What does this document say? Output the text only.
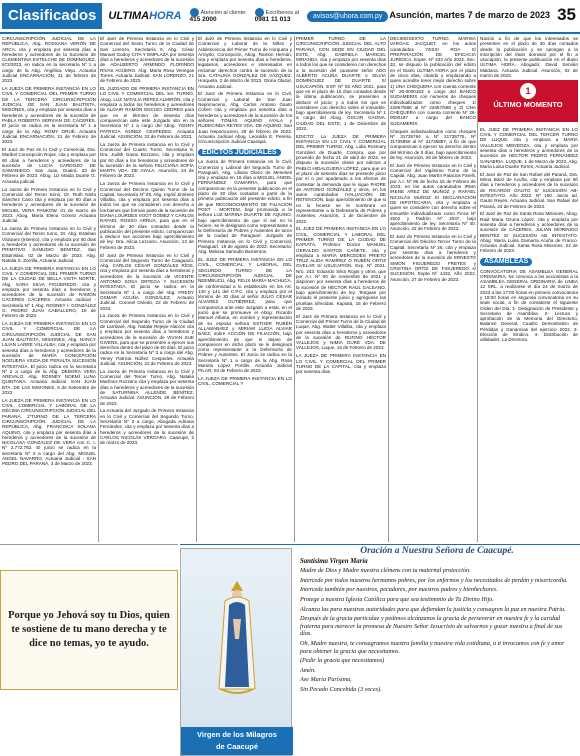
Clasificados	ULTIMAHORA	Atención al cliente:
415 2000
Escríbenos al
0981 11 013
avisos@uhora.com.py Asunción, martes 7 de marzo de 2023 35

CIRCUNSCRIPCIÓN JUDICIAL DE LA REPÚBLICA, Abg. ROSSANA VERÓN DE ARCA, cita y emplaza por sesenta días a herederos y acreedores de la Sucesión de CLEMENTINA ESTELCHE DE DOMÍNGUEZ, 672/2023, en radica en la secretaría Nº 1 a cargo de la Abg. Angélica Vieja. Actuaria Judicial ENCARNACIÓN, 21 de febrero de 2023.

LA JUEZA DE PRIMERA INSTANCIA EN LO CIVIL Y COMERCIAL DEL PRIMER TURNO DE LA TERCERA CIRCUNSCRIPCIÓN JUDICIAL DE SAN JUAN BAUTISTA, MISIONES, cita y emplaza por sesenta días a herederos y acreedores de la sucesión de PABLA ROBERTA SERVIAN DE CÁCERES. El juicio se radica en la secretaría Nº 1 a cargo de la Abg. ROMY ORUÉ. Actuaria Judicial ENCARNACIÓN, 21 de Febrero de 2023.

El Juez de Paz en lo Civil y Comercial, Dra. Maribel Concepción Rojas, cita y emplaza por 60 días a herederos y acreedores de la sucesión de LUCÍA CARDOZO DE SAMANIEGO. San Juan, Guairá. 23 de Febrero de 2023. Abog. Liz Maida Duarte G. Actuaria judicial.

La Jueza de Primera Instancia en lo Civil y Comercial del Tercer turno, Dr. Ruth Ninfa Sánchez Cano cita y emplaza por 60 días a herederos y acreedores de la sucesión de MIGUEL VERA PANKOW. 01 de marzo de 2023. Abog. María Elena Gómez Actuaria Judicial.

La Jueza de Primera Instancia en lo Civil y Comercial del Tercer turno, Dr. Abg. Esteban Vázquez (Interino), cita y emplaza por 60 días a herederos y acreedores de la sucesión de PRIMITIVO SAMUDIO BENITEZ. San Estanislao, 02 de Marzo de 2023. Abg. Natalia S. Zorrilla, Actuaria Judicial.

LA JUEZA DE PRIMERA INSTANCIA EN LO CIVIL Y COMERCIAL DEL PRIMER TURNO DE LA CIUDAD DE BELLA VISTA NORTE, Abg. SARA SILVA FIGUEREDO, cita y emplaza por sesenta días a herederos y acreedores de la sucesión de RAMÓN CÁCERES CÁCERES. Actuaria Judicial - Secretaría Nº 1 Abg. ROSNEY I. GONZÁLEZ G. PEDRO JUAN CABALLERO, 16 de Febrero de 2023.

LA JUEZA DE PRIMERA INSTANCIA EN LO CIVIL Y COMERCIAL DE LA CIRCUNSCRIPCIÓN JUDICIAL DE SAN JUAN BAUTISTA, MISIONES, Abg. NANCY LILIAN LARRE VILLALBA, cita y emplaza por sesenta días a herederos y acreedores de la sucesión de MARÍA CONCEPCIÓN NOGUERA VIUDA DE PERALTA SUCESIÓN INTESTADA. El juicio radica en la secretaría Nº 2 a cargo de la Abg. DEBORA VERA ÁREVALO. Abg. ROSNEY NOEMÍ LUNA QUINTANA. Actuaria Judicial. SAN JUAN BTA. DE LAS MISIONES, 6 de Setiembre de 2022.

LA JUEZA DE PRIMERA INSTANCIA EN LO CIVIL, COMERCIAL Y LABORAL DE LA DÉCIMA CIRCUNSCRIPCIÓN JUDICIAL DEL PARANÁ, 1ºTURNO DE LA TERCERA CIRCUNSCRIPCIÓN JUDICIAL DE LA REPÚBLICA, Abg. FRANCISCA SOLANA AQUINO, cita y emplaza por sesenta días a herederos y acreedores de la sucesión de NICOLASA GONZÁLEZ DE VERA con C. I. Nº 2.772.782. El juicio se radica en la secretaría Nº 2 a cargo del Abg. MIGUEL ÁNGEL NAVARRO. Actuaria Judicial - SAN PEDRO DEL PARANÁ, 3 de Marzo de 2023.

El Juez de Primera Instancia en lo Civil y Comercial del Sexto Turno de la Ciudad de San Lorenzo, Secretaría 9, Abg. César Manuel Godoy CITA Y EMPLAZA por sesenta días a herederos y acreedores de la sucesión de ADALBERTO ARMINDO FLORINDO RIVAS AGÜERO. Abg. María Rosa Venegas Torres. Actuaria Judicial. SAN LORENZO, 21 de Febrero de 2023.

EL JUZGADO DE PRIMERA INSTANCIA EN LO CIVIL Y COMERCIAL DEL 1er. TURNO, Abog. LUZ NATALIA RÉPEZ ALMIRÓN, cita y emplaza a todos los herederos y acreedores de ALDAIR RAMÓN ENCISO CEDRES para que en el término de sesenta días comparezcan ante este Juzgado sito en la Secretaría Nº 1 a cargo del Abog. YENNY PATRICIA NÚÑEZ CESPEDES. Actuaria Judicial. ASUNCIÓN, 22 de Febrero de 2023.

La Jueza de Primera Instancia en lo Civil y Comercial del Cuarto Turno, Secretaría 8, Dra. Judith Gauto Bozzano, cita y emplaza por 60 días a los herederos y acreedores de la sucesión de la señora FELICIANA SOFÍA MARTA VDA. DE AYALA. Asunción, 24 de Febrero de 2023.

La Jueza de Primera Instancia en lo Civil y Comercial del Décimo Quinto Turno de la Capital, Secretaría Nº 29, Abg. Ingrid Jiménez Villalba, cita y emplaza por sesenta días a todos los que se consideren con derecho a los bienes que forman parte de la sucesión de DIANA LOURDES VOGT GÓMEZ Y CARLOS RAFAEL ROSSO ARRUA, para que en el término de 30 días contados desde la publicación del presente edicto, comparezcan a deducir sus acciones bajo apercibimiento de ley. Dra. Alicia Lezcano. Asunción, 13 de Febrero de 2023.

El Juez de Primera Instancia en lo Civil y Comercial del Segundo Turno de Caaguazú, Abg. CARLOS CÉSAR GONZÁLEZ RÍOS, cita y emplaza por sesenta días a herederos y acreedores de la sucesión de VICENTE ANTONIO SOSA ORTEGA Y SUCESIÓN INTESTADA. El juicio se radica en la Secretaría Nº 1 a cargo del Abg. FREDY OSMAR ACUÑA GONZÁLEZ. Actuario Judicial. Coronel Oviedo, 22 de Febrero de 2023.

La Jueza de Primera Instancia en lo Civil y Comercial del Segundo Turno de la Ciudad de Lambaré, Abg. Natalia Rejepe Alarcón cita y emplaza por sesenta días a herederos y acreedores de la sucesión de VIVIAN SUE GIVENS, para que se presenten a ejercer sus derechos dentro del plazo de 60 días. El juicio radica en la Secretaría Nº 3 a cargo del Abg. Yenny Patricia Núñez Cespedes. Actuaria Judicial. ASUNCIÓN, 22 de Febrero de 2023.

La Jueza de Primera Instancia en lo Civil y Comercial del Tercer Turno, Abg. Natalia Martínez Rozzano cita y emplaza por sesenta días a herederos y acreedores de la sucesión de SATURNINA ALLENDE BENÍTEZ. Actuaria Judicial. ASUNCIÓN, 28 de Febrero de 2023.

La Actuaria del Juzgado de Primera Instancia en lo Civil y Comercial del Segundo Turno, Secretaría Nº 3 a cargo, Abogada Adriana Fernández, cita y emplaza por sesenta días a herederos y acreedores de la sucesión de CARLOS NICOLÁS VERGARA. Caacupé, 2 de marzo de 2023.

El Juez de Primera Instancia en lo Civil y Comercial y Laboral de la Niñez y Adolescencia del Primer Turno de Horqueta y Arroyito, Concepción, Abog. Ramón Hernán, cita y emplaza por sesenta días a herederos, legatarios, acreedores e interesados en reclamar derechos contra la sucesión de la Sra. CATALINA GONZÁLEZ DE VÁZQUEZ. Horqueta, 2 de Marzo de 2023. Gloria Olazar, Actuaria Judicial.

El Juez de Primera Instancia en lo Civil, Comercial y Laboral de San Juan Nepomuceno, Abg. Carlos Antonio Gauto Cohen cita y emplaza por sesenta días a herederos y acreedores de la sucesión de los señores TOMÁS AQUINO AYALA y RUDECINDA REYES VDA. DE AQUINO. San Juan Nepomuceno, 28 de febrero de 2023. Actuaria Judicial Abog. Leonilda E. Pereira. Circunscripción Judicial Caazapá.

EDICTOS JUDICIALES

La Jueza de Primera Instancia en lo Civil, Comercial y Laboral del Segundo Turno de Paraguarí, Abg. Liliana Olazo de Meneses cita y emplaza en 15 días a MIGUEL ÁNGEL FERNÁNDEZ GAMARRA, para que comparezcan en la presente publicación en el plazo de 30 días contados a partir de la primera publicación del presente edicto, a fin de que RECONOCIMIENTO DE FILIACIÓN POST - MORTEM, bajo promovida a la señora LUZ MARINA DUARTE DE AQUINO, bajo apercibimiento de que si así no lo hiciere, se le designará como representante a la Defensoría de Pobres y Ausentes de turno de la ciudad de Paraguarí. Juzgado de Primera Instancia en lo Civil y Comercial, Paraguarí, 19 de agosto de 2022. Secretaría: Abg. Melissa Samudio Barrientos.

EL JUEZ DE PRIMERA INSTANCIA EN LO CIVIL, COMERCIAL Y LABORAL DEL SEGUNDO TURNO DE LA CIRCUNSCRIPCIÓN JUDICIAL DE ÑEEMBUCÚ, Abg. FÉLIX MARÍA MACHUCA, de conformidad a lo establecido en los Art. 140 y 141 del C.P.C. cita y emplaza por el término de 30 días al señor JULIO CÉSAR ALVAREZ GUTIÉRREZ, para que comparezca ante este Juzgado a estar, en el juicio que se promueve el Abog. Ricardo Manuel Alfama, en nombre y representación de su esposa señora ESTHER RUBÉN ALLAMABAEZ y MIRIAM LUCÍA ALVIAR BÁEZ, sobre ACCIÓN DE FILIACIÓN, bajo apercibimiento de que si dejare de comparecer en dicho plazo se le designará como representante a la Defensoría de Pobres y Ausentes. El Juicio se radica en la Secretaría Nº 1 a cargo de la Abg. Rosa Mariela López Portillo. Actuaria Judicial PILAR, 03 de Febrero de 2023.

LA JUEZA DE PRIMERA INSTANCIA EN LO CIVIL, COMERCIAL Y

PRIMER TURNO DE LA CIRCUNSCRIPCIÓN JUDICIAL DEL ALTO PARANÁ, CON SEDE EN CIUDAD DEL ESTE, Abg. GABRIELA MARICEL MIRANDA, cita y emplaza por sesenta días a todos los que se consideren con derechos a la sucesión del causante señor ADO ALBERTO ACUÑA DUARTE o SILVIA DOMÍNGUEZ DE DUARTE S/ USUCAPIÓN, EXP. Nº 83 AÑO 2021, para que en el plazo de 15 días contados desde la última publicación, se presenten a deducir el juicio; y a todos los que se consideren con derecho sobre el inmueble, bajo apercibimiento de ley. Secretaría Nº 1 a cargo del Abog. OSCAR GAONA. CIUDAD DEL ESTE, 1 de Diciembre de 2022.

EDICTO: La JUEZA DE PRIMERA INSTANCIA EN LO CIVIL Y COMERCIAL DEL PRIMER TURNO, Abg. Lidia Rosmary González de Duarte, Compra, que por proveído de fecha 21 de abril de 2022, se dispuso la sucesión citese por edictos a PABLO HIDALGUERA LÓPEZ, para que en el plazo de sesenta días se presente juicio por sí o por apoderado a los efectos de contestar la demanda que le sigue PADRE de ANTONIO GONZÁLEZ y otros, en los autos caratulados IVALUACIÓN DE RETENCIÓN, bajo apercibimiento de que si no lo hiciese se le nombrará un representante a la Defensoría de Pobres y Ausentes. Asunción, 1 de Diciembre de 2022.

EL JUEZ DE PRIMERA INSTANCIA EN LO CIVIL, COMERCIAL Y LABORAL DEL PRIMER TURNO DE LA CIUDAD DE KAPIATÁ, Profesor Doctor MANUEL GERALDO SANTOS CAÑETE, cita y emplaza a MARÍA MERCEDES PRIETO TRUZ ALIDA RAMÍREZ O RUBÉN ORTIZ OVELAR S/ USUCAPIÓN. Exp. Nº 2021. Nro. 243. Eduardo Silva Rojas y otros, que por A.I. Nº 00 de noviembre de 2021 y disponen por sesenta días a herederos de la sucesión de HÉCTOR RAÚL GALEANO, bajo apercibimiento de ley. Tengase por iniciado el presente juicio y agréguese las pruebas ofrecidas. Kapiatá, 15 de Febrero de 2023.

El Juez de Primera Instancia en lo Civil y Comercial del Primer Turno de la Ciudad de Luque, Abg. Walter Villalba, cita y emplaza por sesenta días a herederos y acreedores de la sucesión de RUFINO HÉCTOR VALLEJOS y NIMIA DURÉ VDA. DE VALLEJOS, Luque, 15 de Febrero de 2023.

LA JUEZA DE PRIMERA INSTANCIA EN LO CIVIL Y COMERCIAL DEL PRIMER TURNO DE LA CAPITAL, cita y emplaza por sesenta días.

DECIMOSEXTO TURNO, MARISA VARGAS JACQUET, en los autos caratulados YESSI ROA S/ PREPARACIÓN DE EFICACIA JURÍDICA. Expte. Nº 433 Año 2022, Sec. 32, se dispuso la publicación del edicto en el Diario ÚLTIMA HORA por el plazo de cinco días, citando y emplazando a quien acredite tener mejor derecho sobre 1) UNA CHEQUERA con cuenta corriente Nº 26-0000163 a cargo del BANCO SUDAMERIS con numeros de cheques individualizados como cheques 1/ 22867/586 al Nº 22867/586 y 2) UNA CHEQUERA con cuenta corriente Nº 26-0000187 a cargo del BANCO SUDAMERIS.

Cheques individualizados como cheques Nº 31735764 a Nº 31735776, Nº 31735850 al Nº 31735887, a fin de que comparezcan a ejercer su derecho dentro del término de 5 días, bajo apercibimiento de ley. Asunción, 28 de febrero de 2023.

El Juez de Primera Instancia en lo Civil y Comercial del Vigésimo Turno de la Capital, Abg. Juan Martín Palacios Farelli, por A.I. Nº 86 de fecha 15 de Febrero de 2023, en los autos caratulados IRMA IRENE AREZ DE MUÑOZ y RAFAEL NICOLÁS MUÑOZ S/ DECLARACIÓN DE HIPOTECARIA, cita y emplaza a quien se considere con derecho sobre el inmueble individualizado como Finca Nº 2502 y Padrón Nº 2037, bajo apercibimiento de ley. Secretaría Nº 40. Asunción, 22 de Febrero de 2023.

El Juez de Primera Instancia en lo Civil y Comercial del Décimo Tercer Turno de la Capital, Secretaría Nº 26, cita y emplaza por sesenta días a herederos y acreedores de la sucesión de ERNESTO SIMÓN FIGUEREDO FRETES y CRISTINA ORTÍZ DE FIGUEREDO s/ SUCESIÓN, Expte Nº 1432, Año 2022, Asunción, 27 de Febrero de 2023.

Nación a fin de que los interesados se presenten en el plazo de 30 días contados desde la publicación y se opongan a la inscripción del título dominial por el fin a usucapión, la presente publicación en el diario ÚLTIMA HORA. Abogado: David Servián Maidana. Actuaria Judicial. Asunción, 02 de marzo de 2023.

EL JUEZ DE PRIMERA INSTANCIA EN LO CIVIL Y COMERCIAL DEL TERCER TURNO DE LUQUE, cita y emplaza a MARÍA VALLEJOS MENDOZA, cita y emplaza por sesenta días a herederos y acreedores de la sucesión de HÉCTOR PEDRO FERNÁNDEZ SANABRIA. LUQUE, 1 de Marzo de 2023. Abg. María Luisa Duarte Torres, Actuaria Judicial.

El Juez de Paz de San Rafael del Paraná, Dra. Mirna Báez de Acuña, cita y emplaza por 60 días a herederos y acreedores de la sucesión de RICARDO GAUTO S/ SUCESIÓN AB-INTESTATO. Año 2022. Nº 160. Juicio ad. Gauto Reyes. Actuaria Judicial. San Rafael del Paraná, 24 de Febrero de 2023.

El Juez de Paz de Santa Rosa Misiones, Abog. Raúl Maria Ozuna López, cita y emplaza por sesenta días a herederos y acreedores de la sucesión de CÁCERES, JULIÁN MORINIGO BENÍTEZ S/ SUCESIÓN AB INTESTATO. Abog. María Luisa Gamarra Acuña de Franco. Actuaria Judicial. Santa Rosa Misiones, 22 de Febrero de 2023.

ASAMBLEAS

CONVOCATORIA DE ASAMBLEA GENERAL ORDINARIA. Se convoca a los accionistas a la ASAMBLEA GENERAL ORDINARIA de LINEA 12 SRL, a realizarse el día 24 de marzo de 2023 a las 17:00 horas en primera convocatoria y 18:00 horas en segunda convocatoria en su sede social, a fin de considerar el siguiente Orden del Día: 1- Designación de Presidente y Secretario de Asamblea. 2- Lectura y aprobación de la Memoria del Directorio, Balance General, Cuadro Demostrativo de Pérdidas y Ganancias del ejercicio 2022. 3- Elección de Síndico. 4- Distribución de utilidades. La Directora.

1
ÚLTIMO MOMENTO
Porque yo Jehová soy tu Dios, quien te sostiene de tu mano derecha y te dice no temas, yo te ayudo.
Virgen de los Milagros
de Caacupé
Oración a Nuestra Señora de Caacupé.
Santísima Virgen María

Madre de Dios y Madre nuestra clémens con tu maternal protección.

Intercede por todos nuestros hermanos pobres, por los enfermos y los necesitados de perdón y misericordia.

Intercede también por nuestros, pecadores, por nuestros padres y bienhechores.

Protege a nuestra Iglesia Católica para que sea testimonio de Tu Divino Hijo.

Alcanza las para nuestras autoridades para que defiendan la justicia y consagren la paz en nuestra Patria.

Después de la gracia particulae y pedimos alcánzanos la gracia de perseverar en nuestra fe y la caridad fraterna para merecer la promesa de Nuestro Señor Jesucristo de salvarnos y gozar nuestra a final de sus días.

Oh, Madre nuestra, te consagramos nuestra familia y nuestra vida cotidiana, a ti invocamos con fe y amor para obtener la gracia que necesitamos.

(Pedir la gracia que necesitamos)

Amén.

Ave María Purísima,

Sin Pecado Concebida (3 veces).
